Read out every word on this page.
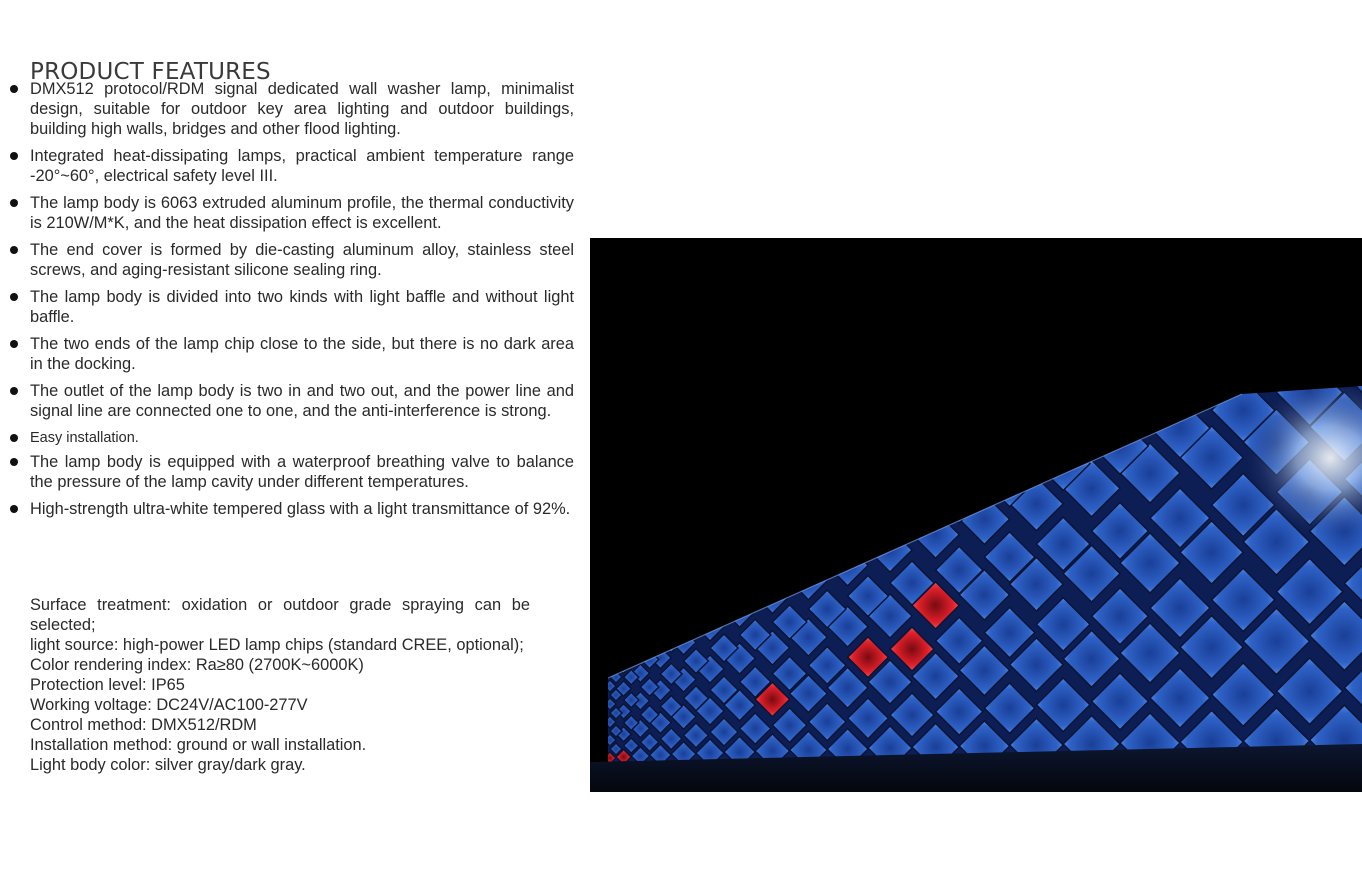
PRODUCT FEATURES
DMX512 protocol/RDM signal dedicated wall washer lamp, minimalist design, suitable for outdoor key area lighting and outdoor buildings, building high walls, bridges and other flood lighting.
Integrated heat-dissipating lamps, practical ambient temperature range -20°~60°, electrical safety level III.
The lamp body is 6063 extruded aluminum profile, the thermal conductivity is 210W/M*K, and the heat dissipation effect is excellent.
The end cover is formed by die-casting aluminum alloy, stainless steel screws, and aging-resistant silicone sealing ring.
The lamp body is divided into two kinds with light baffle and without light baffle.
The two ends of the lamp chip close to the side, but there is no dark area in the docking.
The outlet of the lamp body is two in and two out, and the power line and signal line are connected one to one, and the anti-interference is strong.
Easy installation.
The lamp body is equipped with a waterproof breathing valve to balance the pressure of the lamp cavity under different temperatures.
High-strength ultra-white tempered glass with a light transmittance of 92%.
Surface treatment: oxidation or outdoor grade spraying can be selected;
light source: high-power LED lamp chips (standard CREE, optional);
Color rendering index: Ra≥80 (2700K~6000K)
Protection level: IP65
Working voltage: DC24V/AC100-277V
Control method: DMX512/RDM
Installation method: ground or wall installation.
Light body color: silver gray/dark gray.
